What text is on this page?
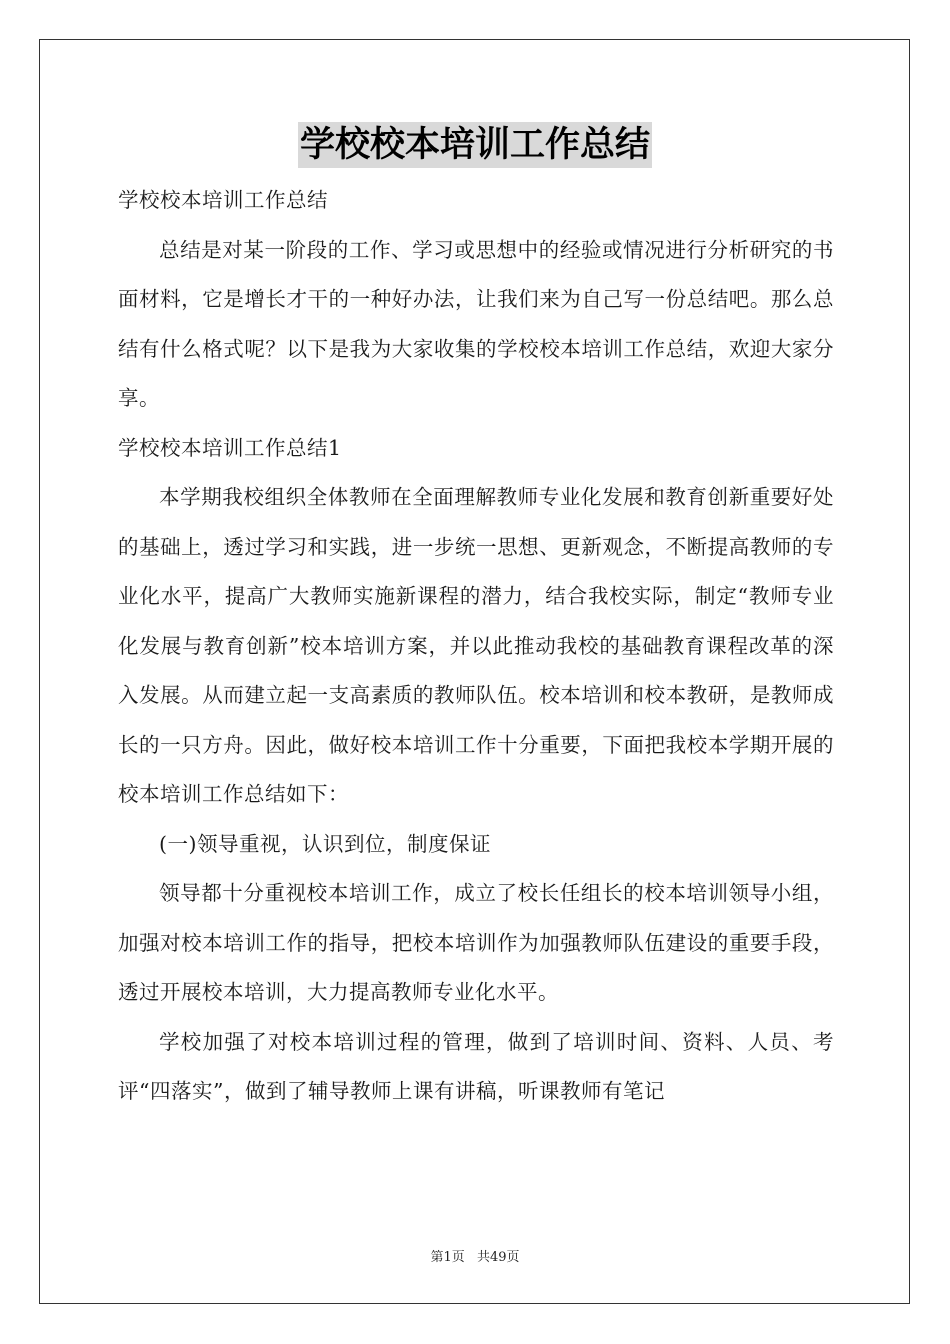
学校校本培训工作总结

学校校本培训工作总结

总结是对某一阶段的工作、学习或思想中的经验或情况进行分析研究的书面材料，它是增长才干的一种好办法，让我们来为自己写一份总结吧。那么总结有什么格式呢？以下是我为大家收集的学校校本培训工作总结，欢迎大家分享。

学校校本培训工作总结1

本学期我校组织全体教师在全面理解教师专业化发展和教育创新重要好处的基础上，透过学习和实践，进一步统一思想、更新观念，不断提高教师的专业化水平，提高广大教师实施新课程的潜力，结合我校实际，制定“教师专业化发展与教育创新”校本培训方案，并以此推动我校的基础教育课程改革的深入发展。从而建立起一支高素质的教师队伍。校本培训和校本教研，是教师成长的一只方舟。因此，做好校本培训工作十分重要，下面把我校本学期开展的校本培训工作总结如下：

(一)领导重视，认识到位，制度保证

领导都十分重视校本培训工作，成立了校长任组长的校本培训领导小组，加强对校本培训工作的指导，把校本培训作为加强教师队伍建设的重要手段，透过开展校本培训，大力提高教师专业化水平。

学校加强了对校本培训过程的管理，做到了培训时间、资料、人员、考评“四落实”，做到了辅导教师上课有讲稿，听课教师有笔记

第1页 共49页
